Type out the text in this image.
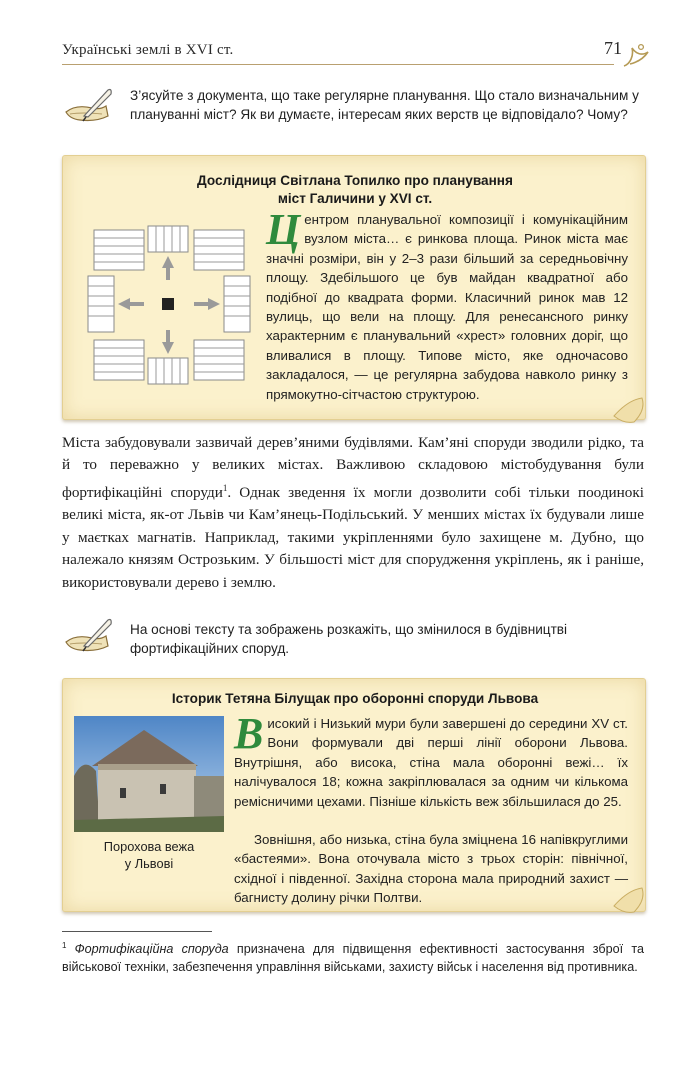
Українські землі в XVI ст.	71
З’ясуйте з документа, що таке регулярне планування. Що стало визначальним у плануванні міст? Як ви думаєте, інтересам яких верств це відповідало? Чому?
Дослідниця Світлана Топилко про планування
міст Галичини у XVI ст.
Центром планувальної композиції і комунікаційним вузлом міста… є ринкова площа. Ринок міста має значні розміри, він у 2–3 рази більший за середньовічну площу. Здебільшого це був майдан квадратної або подібної до квадрата форми. Класичний ринок мав 12 вулиць, що вели на площу. Для ренесансного ринку характерним є планувальний «хрест» головних доріг, що вливалися в площу. Типове місто, яке одночасово закладалося, — це регулярна забудова навколо ринку з прямокутно-сітчастою структурою.
Міста забудовували зазвичай дерев’яними будівлями. Кам’яні споруди зводили рідко, та й то переважно у великих містах. Важливою складовою містобудування були фортифікаційні споруди$^1$. Однак зведення їх могли дозволити собі тільки поодинокі великі міста, як-от Львів чи Кам’янець-Подільський. У менших містах їх будували лише у маєтках магнатів. Наприклад, такими укріпленнями було захищене м. Дубно, що належало князям Острозьким. У більшості міст для спорудження укріплень, як і раніше, використовували дерево і землю.
На основі тексту та зображень розкажіть, що змінилося в будівництві фортифікаційних споруд.
Історик Тетяна Білущак про оборонні споруди Львова
Порохова вежа
у Львові
Високий і Низький мури були завершені до середини XV ст. Вони формували дві перші лінії оборони Львова. Внутрішня, або висока, стіна мала оборонні вежі… їх налічувалося 18; кожна закріплювалася за одним чи кількома ремісничими цехами. Пізніше кількість веж збільшилася до 25.
Зовнішня, або низька, стіна була зміцнена 16 напівкруглими «бастеями». Вона оточувала місто з трьох сторін: північної, східної і південної. Західна сторона мала природний захист — багнисту долину річки Полтви.
$^1$ Фортифікаційна споруда призначена для підвищення ефективності застосування зброї та військової техніки, забезпечення управління військами, захисту військ і населення від противника.
